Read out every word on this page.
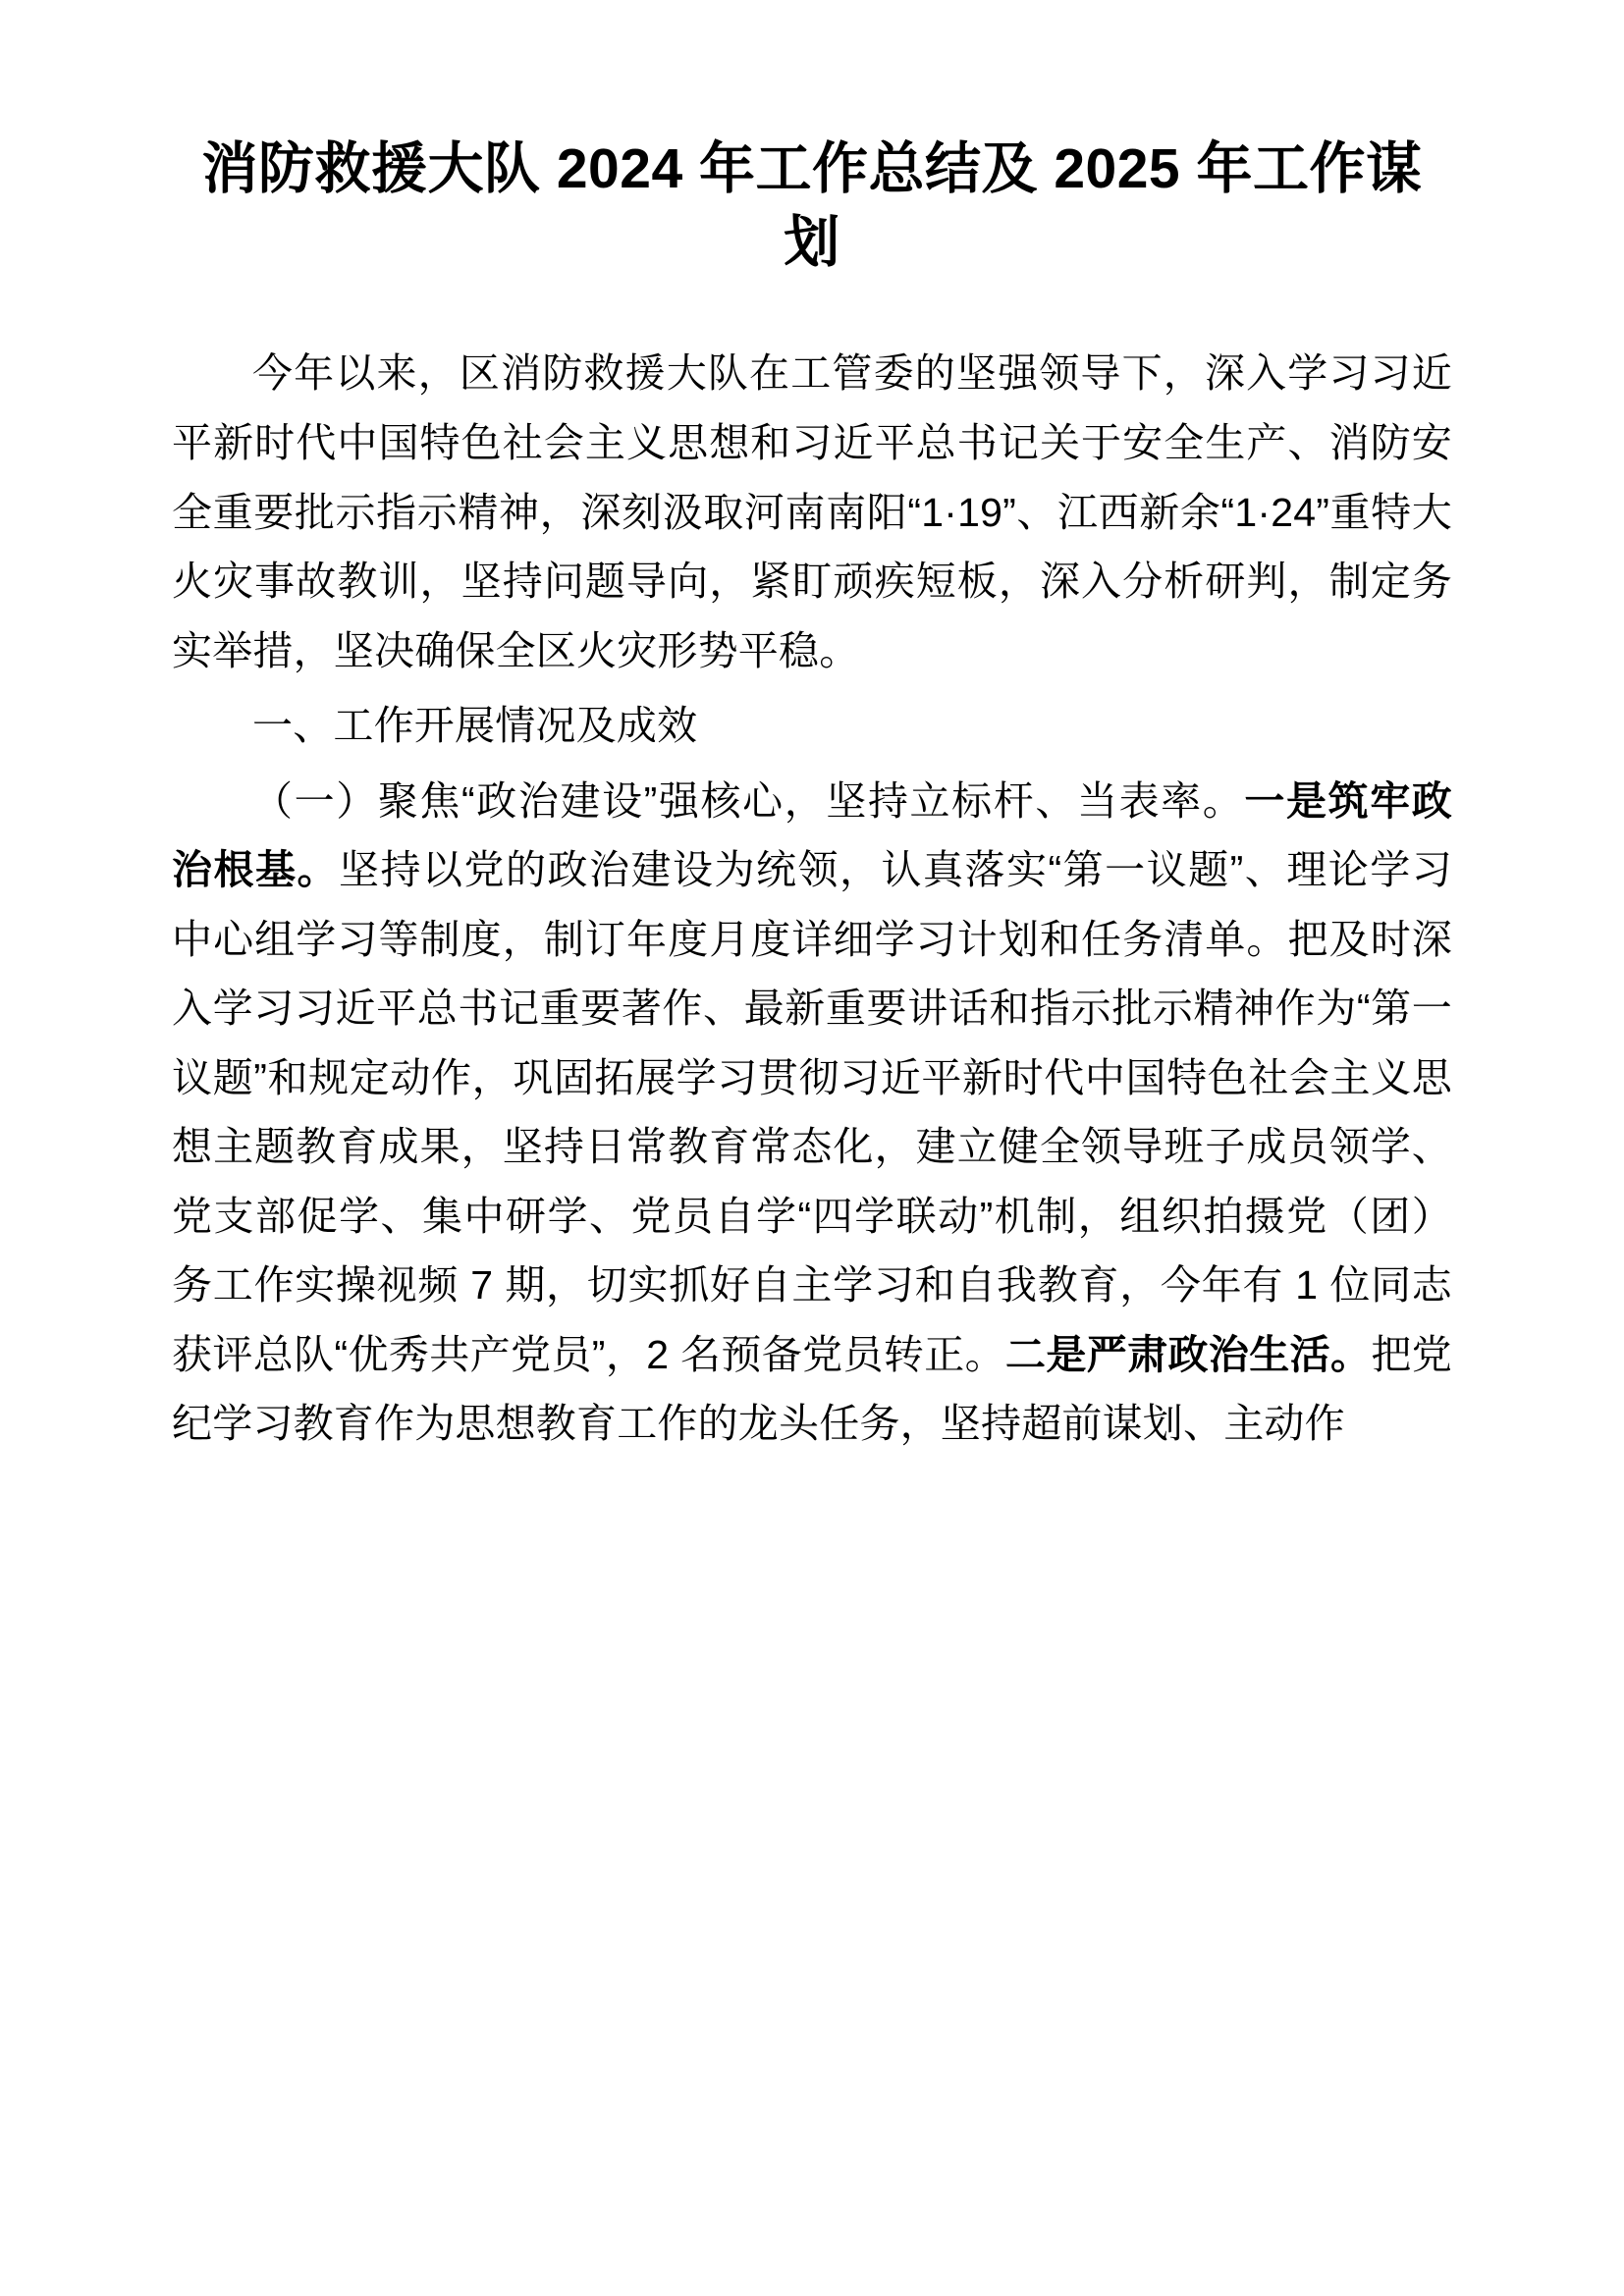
消防救援大队 2024 年工作总结及 2025 年工作谋划

今年以来，区消防救援大队在工管委的坚强领导下，深入学习习近平新时代中国特色社会主义思想和习近平总书记关于安全生产、消防安全重要批示指示精神，深刻汲取河南南阳“1·19”、江西新余“1·24”重特大火灾事故教训，坚持问题导向，紧盯顽疾短板，深入分析研判，制定务实举措，坚决确保全区火灾形势平稳。

一、工作开展情况及成效

（一）聚焦“政治建设”强核心，坚持立标杆、当表率。一是筑牢政治根基。坚持以党的政治建设为统领，认真落实“第一议题”、理论学习中心组学习等制度，制订年度月度详细学习计划和任务清单。把及时深入学习习近平总书记重要著作、最新重要讲话和指示批示精神作为“第一议题”和规定动作，巩固拓展学习贯彻习近平新时代中国特色社会主义思想主题教育成果，坚持日常教育常态化，建立健全领导班子成员领学、党支部促学、集中研学、党员自学“四学联动”机制，组织拍摄党（团）务工作实操视频 7 期，切实抓好自主学习和自我教育，今年有 1 位同志获评总队“优秀共产党员”，2 名预备党员转正。二是严肃政治生活。把党纪学习教育作为思想教育工作的龙头任务，坚持超前谋划、主动作
